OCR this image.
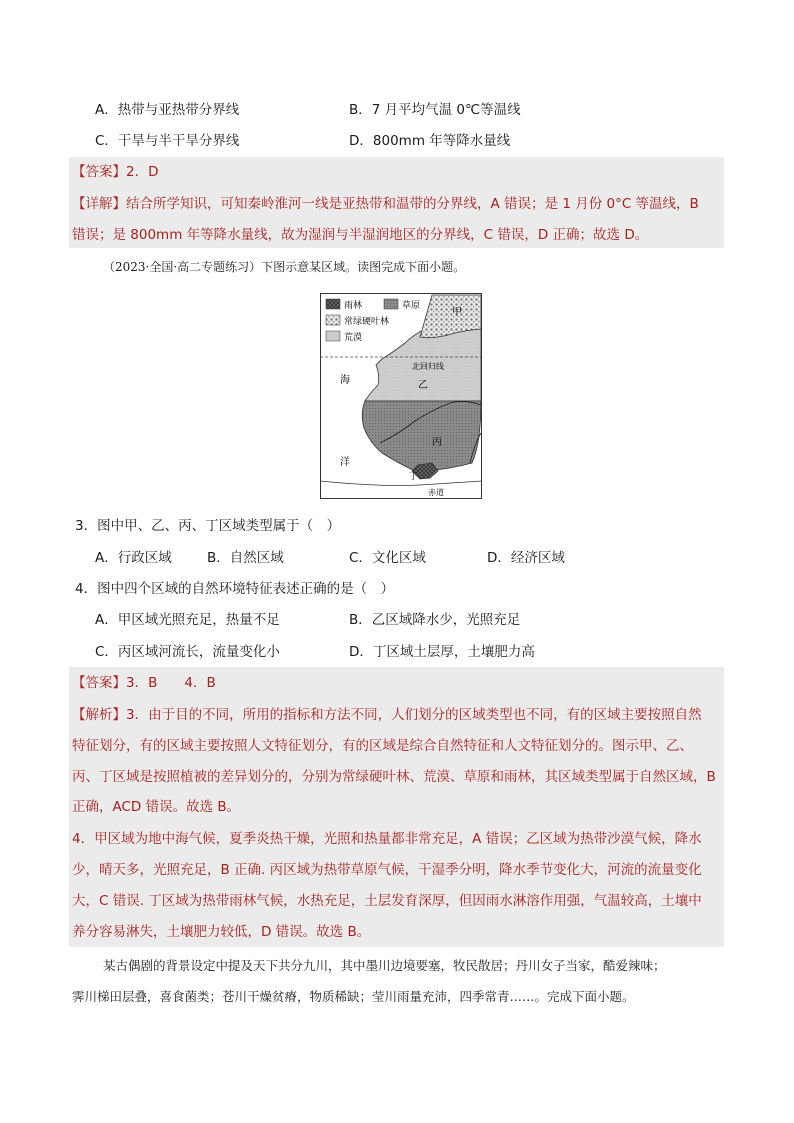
A．热带与亚热带分界线	B．7 月平均气温 0℃等温线
C．干旱与半干旱分界线	D．800mm 年等降水量线
【答案】2．D
【详解】结合所学知识，可知秦岭淮河一线是亚热带和温带的分界线，A 错误；是 1 月份 0°C 等温线，B
错误；是 800mm 年等降水量线，故为湿润与半湿润地区的分界线，C 错误，D 正确；故选 D。
（2023·全国·高二专题练习）下图示意某区域。读图完成下面小题。
雨林	草原
常绿硬叶林
荒漠
甲
乙
丙
丁
海
洋
北回归线
赤道
3．图中甲、乙、丙、丁区域类型属于（　）
A．行政区域	B．自然区域	C．文化区域	D．经济区域
4．图中四个区域的自然环境特征表述正确的是（　）
A．甲区域光照充足，热量不足	B．乙区域降水少，光照充足
C．丙区域河流长，流量变化小	D．丁区域土层厚，土壤肥力高
【答案】3．B　　4．B
【解析】3．由于目的不同，所用的指标和方法不同，人们划分的区域类型也不同，有的区域主要按照自然
特征划分，有的区域主要按照人文特征划分，有的区域是综合自然特征和人文特征划分的。图示甲、乙、
丙、丁区域是按照植被的差异划分的，分别为常绿硬叶林、荒漠、草原和雨林，其区域类型属于自然区域，B
正确，ACD 错误。故选 B。
4．甲区域为地中海气候，夏季炎热干燥，光照和热量都非常充足，A 错误；乙区域为热带沙漠气候，降水
少，晴天多，光照充足，B 正确. 丙区域为热带草原气候，干湿季分明，降水季节变化大，河流的流量变化
大，C 错误. 丁区域为热带雨林气候，水热充足，土层发育深厚，但因雨水淋溶作用强，气温较高，土壤中
养分容易淋失，土壤肥力较低，D 错误。故选 B。
某古偶剧的背景设定中提及天下共分九川，其中墨川边境要塞，牧民散居；丹川女子当家，酷爱辣味；
霁川梯田层叠，喜食菌类；苍川干燥贫瘠，物质稀缺；莹川雨量充沛，四季常青……。完成下面小题。
